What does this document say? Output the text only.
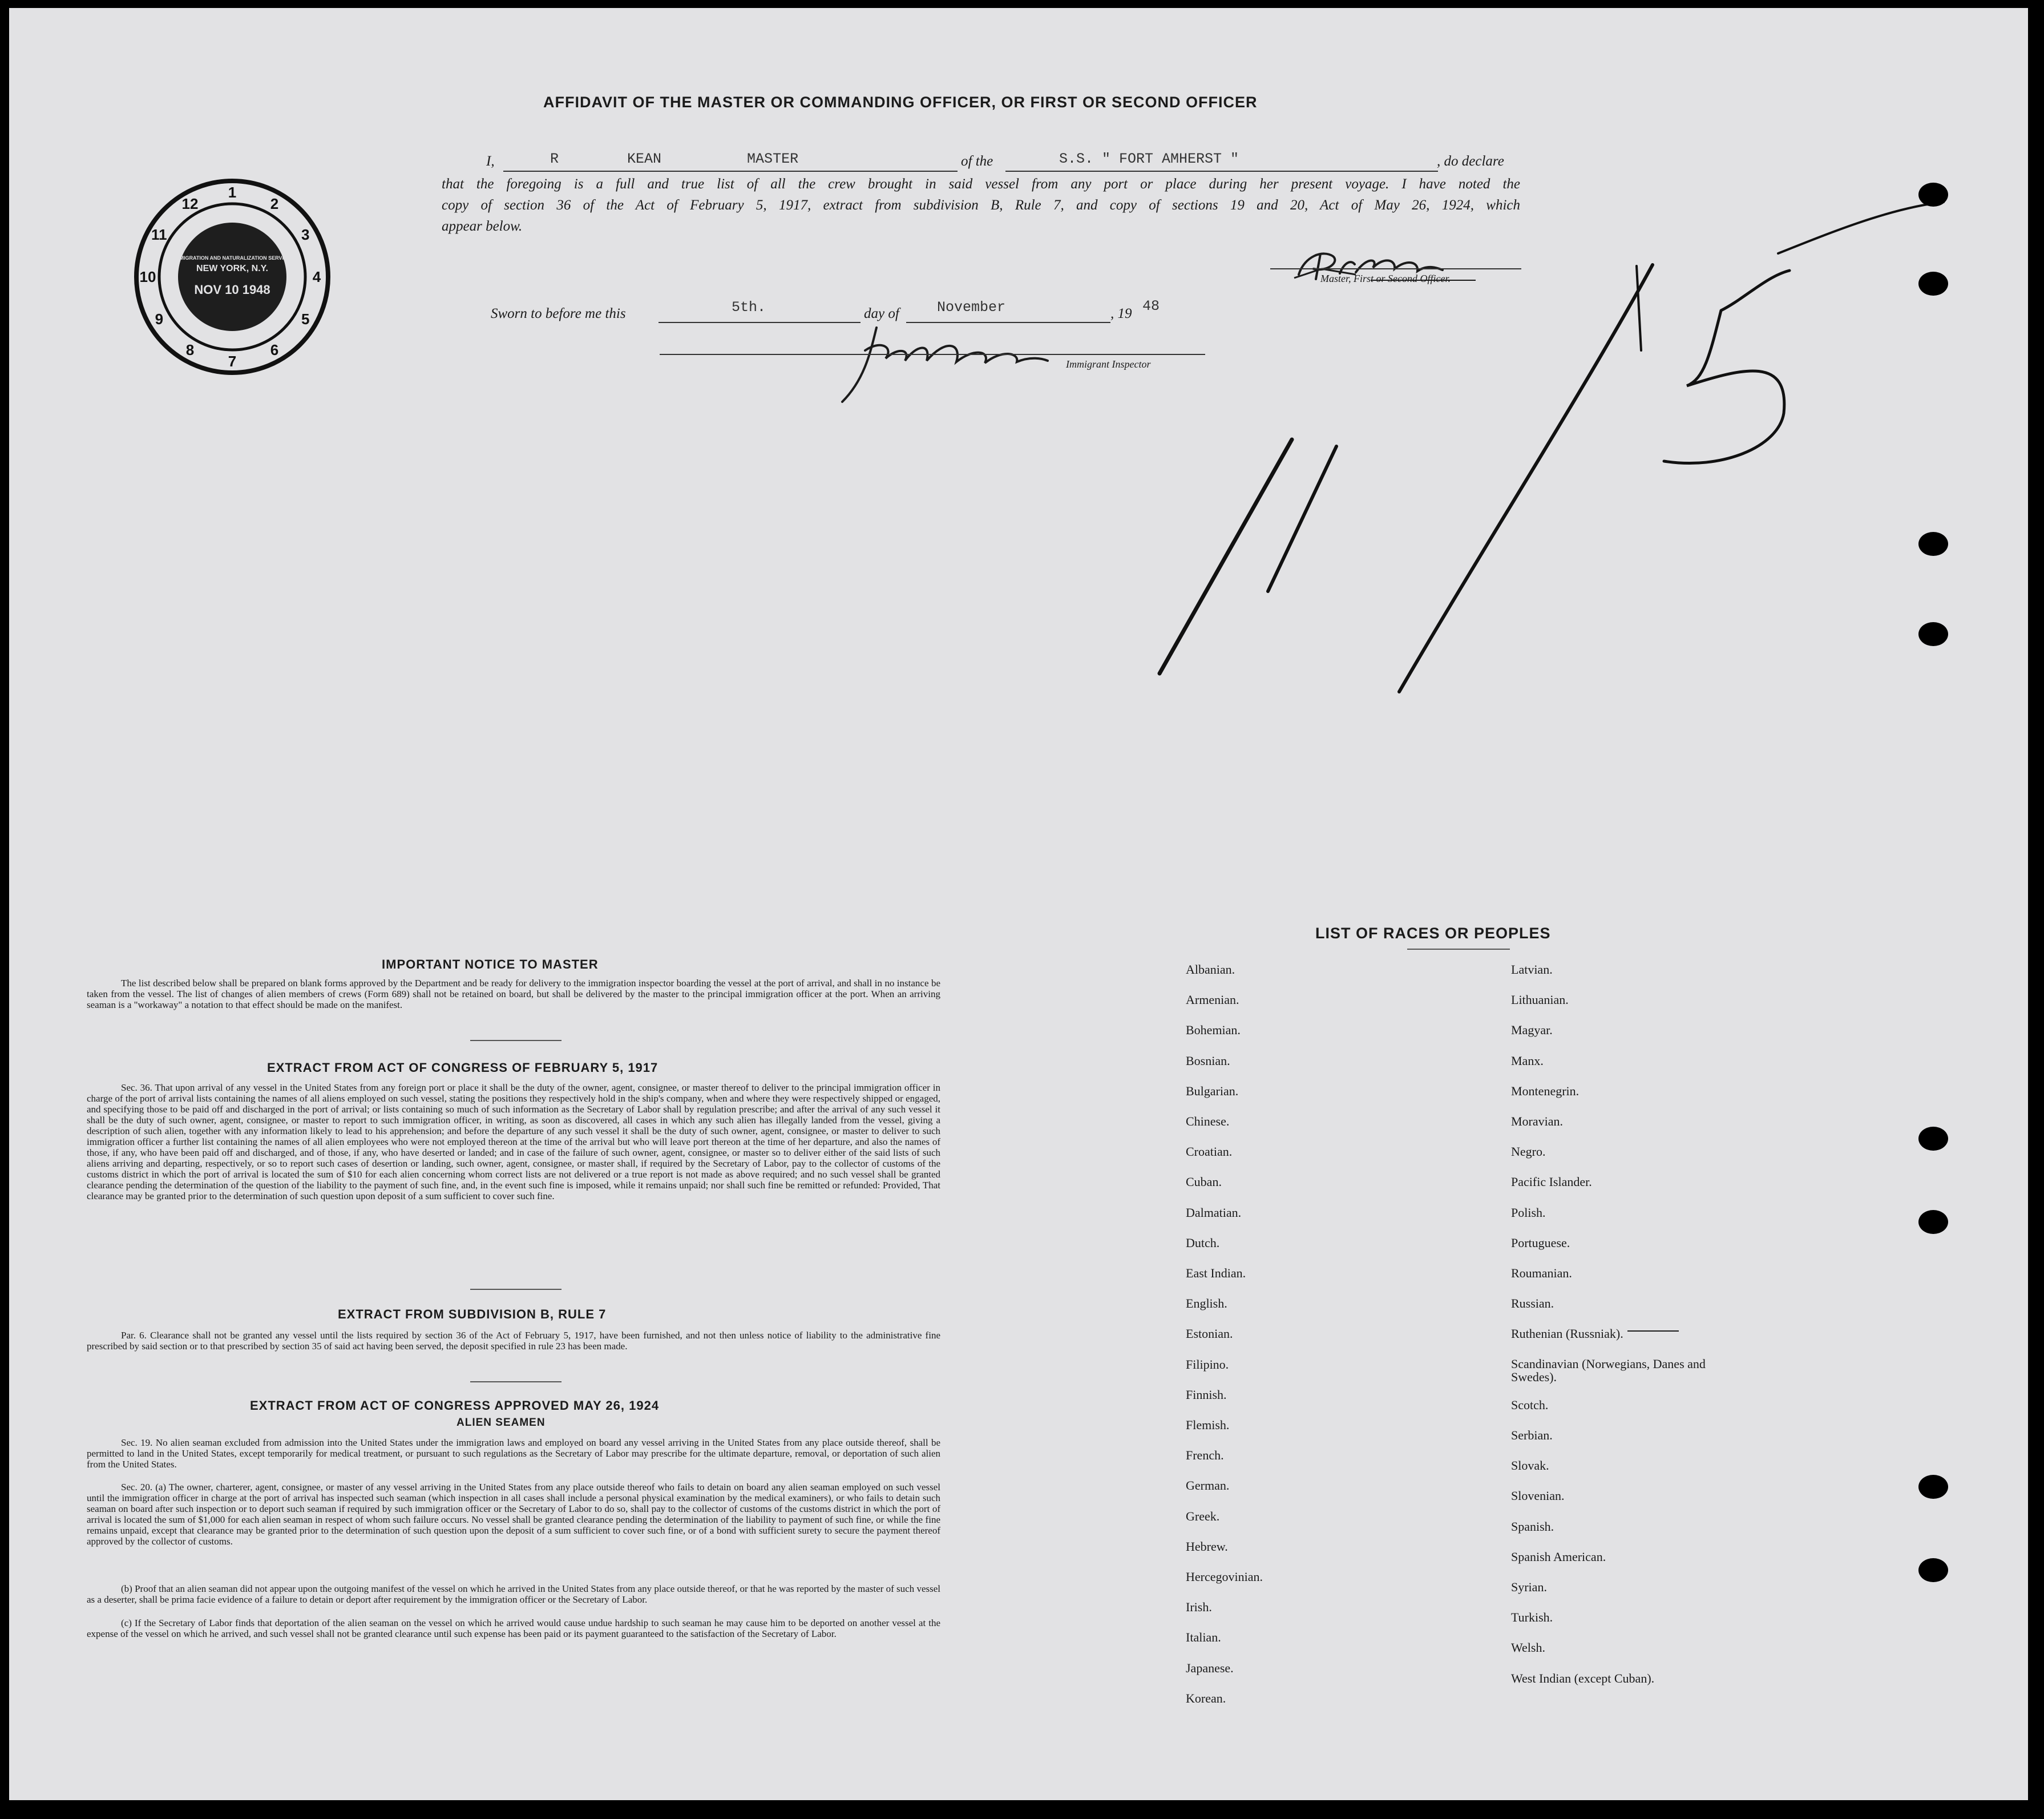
AFFIDAVIT OF THE MASTER OR COMMANDING OFFICER, OR FIRST OR SECOND OFFICER
I,	R        KEAN          MASTER	of the	S.S. " FORT AMHERST "	, do declare
that the foregoing is a full and true list of all the crew brought in said vessel from any port or place during her present voyage. I have noted the
copy of section 36 of the Act of February 5, 1917, extract from subdivision B, Rule 7, and copy of sections 19 and 20, Act of May 26, 1924, which
appear below.
Master, First or Second Officer.
Sworn to before me this	5th.	day of	November	, 19 48
Immigrant Inspector
1
2
3
4
5
6
7
8
9
10
11
12
IMMIGRATION AND NATURALIZATION SERVICE
NEW YORK, N.Y.
NOV 10 1948
IMPORTANT NOTICE TO MASTER
The list described below shall be prepared on blank forms approved by the Department and be ready for delivery to the immigration inspector boarding the vessel at the port of arrival, and shall in no instance be taken from the vessel. The list of changes of alien members of crews (Form 689) shall not be retained on board, but shall be delivered by the master to the principal immigration officer at the port. When an arriving seaman is a "workaway" a notation to that effect should be made on the manifest.
EXTRACT FROM ACT OF CONGRESS OF FEBRUARY 5, 1917
Sec. 36. That upon arrival of any vessel in the United States from any foreign port or place it shall be the duty of the owner, agent, consignee, or master thereof to deliver to the principal immigration officer in charge of the port of arrival lists containing the names of all aliens employed on such vessel, stating the positions they respectively hold in the ship's company, when and where they were respectively shipped or engaged, and specifying those to be paid off and discharged in the port of arrival; or lists containing so much of such information as the Secretary of Labor shall by regulation prescribe; and after the arrival of any such vessel it shall be the duty of such owner, agent, consignee, or master to report to such immigration officer, in writing, as soon as discovered, all cases in which any such alien has illegally landed from the vessel, giving a description of such alien, together with any information likely to lead to his apprehension; and before the departure of any such vessel it shall be the duty of such owner, agent, consignee, or master to deliver to such immigration officer a further list containing the names of all alien employees who were not employed thereon at the time of the arrival but who will leave port thereon at the time of her departure, and also the names of those, if any, who have been paid off and discharged, and of those, if any, who have deserted or landed; and in case of the failure of such owner, agent, consignee, or master so to deliver either of the said lists of such aliens arriving and departing, respectively, or so to report such cases of desertion or landing, such owner, agent, consignee, or master shall, if required by the Secretary of Labor, pay to the collector of customs of the customs district in which the port of arrival is located the sum of $10 for each alien concerning whom correct lists are not delivered or a true report is not made as above required; and no such vessel shall be granted clearance pending the determination of the question of the liability to the payment of such fine, and, in the event such fine is imposed, while it remains unpaid; nor shall such fine be remitted or refunded: Provided, That clearance may be granted prior to the determination of such question upon deposit of a sum sufficient to cover such fine.
EXTRACT FROM SUBDIVISION B, RULE 7
Par. 6. Clearance shall not be granted any vessel until the lists required by section 36 of the Act of February 5, 1917, have been furnished, and not then unless notice of liability to the administrative fine prescribed by said section or to that prescribed by section 35 of said act having been served, the deposit specified in rule 23 has been made.
EXTRACT FROM ACT OF CONGRESS APPROVED MAY 26, 1924
ALIEN SEAMEN
Sec. 19. No alien seaman excluded from admission into the United States under the immigration laws and employed on board any vessel arriving in the United States from any place outside thereof, shall be permitted to land in the United States, except temporarily for medical treatment, or pursuant to such regulations as the Secretary of Labor may prescribe for the ultimate departure, removal, or deportation of such alien from the United States.
Sec. 20. (a) The owner, charterer, agent, consignee, or master of any vessel arriving in the United States from any place outside thereof who fails to detain on board any alien seaman employed on such vessel until the immigration officer in charge at the port of arrival has inspected such seaman (which inspection in all cases shall include a personal physical examination by the medical examiners), or who fails to detain such seaman on board after such inspection or to deport such seaman if required by such immigration officer or the Secretary of Labor to do so, shall pay to the collector of customs of the customs district in which the port of arrival is located the sum of $1,000 for each alien seaman in respect of whom such failure occurs. No vessel shall be granted clearance pending the determination of the liability to payment of such fine, or while the fine remains unpaid, except that clearance may be granted prior to the determination of such question upon the deposit of a sum sufficient to cover such fine, or of a bond with sufficient surety to secure the payment thereof approved by the collector of customs.
(b) Proof that an alien seaman did not appear upon the outgoing manifest of the vessel on which he arrived in the United States from any place outside thereof, or that he was reported by the master of such vessel as a deserter, shall be prima facie evidence of a failure to detain or deport after requirement by the immigration officer or the Secretary of Labor.
(c) If the Secretary of Labor finds that deportation of the alien seaman on the vessel on which he arrived would cause undue hardship to such seaman he may cause him to be deported on another vessel at the expense of the vessel on which he arrived, and such vessel shall not be granted clearance until such expense has been paid or its payment guaranteed to the satisfaction of the Secretary of Labor.
LIST OF RACES OR PEOPLES
Albanian.
Armenian.
Bohemian.
Bosnian.
Bulgarian.
Chinese.
Croatian.
Cuban.
Dalmatian.
Dutch.
East Indian.
English.
Estonian.
Filipino.
Finnish.
Flemish.
French.
German.
Greek.
Hebrew.
Hercegovinian.
Irish.
Italian.
Japanese.
Korean.
Latvian.
Lithuanian.
Magyar.
Manx.
Montenegrin.
Moravian.
Negro.
Pacific Islander.
Polish.
Portuguese.
Roumanian.
Russian.
Ruthenian (Russniak).
Scandinavian (Norwegians, Danes and Swedes).
Scotch.
Serbian.
Slovak.
Slovenian.
Spanish.
Spanish American.
Syrian.
Turkish.
Welsh.
West Indian (except Cuban).
